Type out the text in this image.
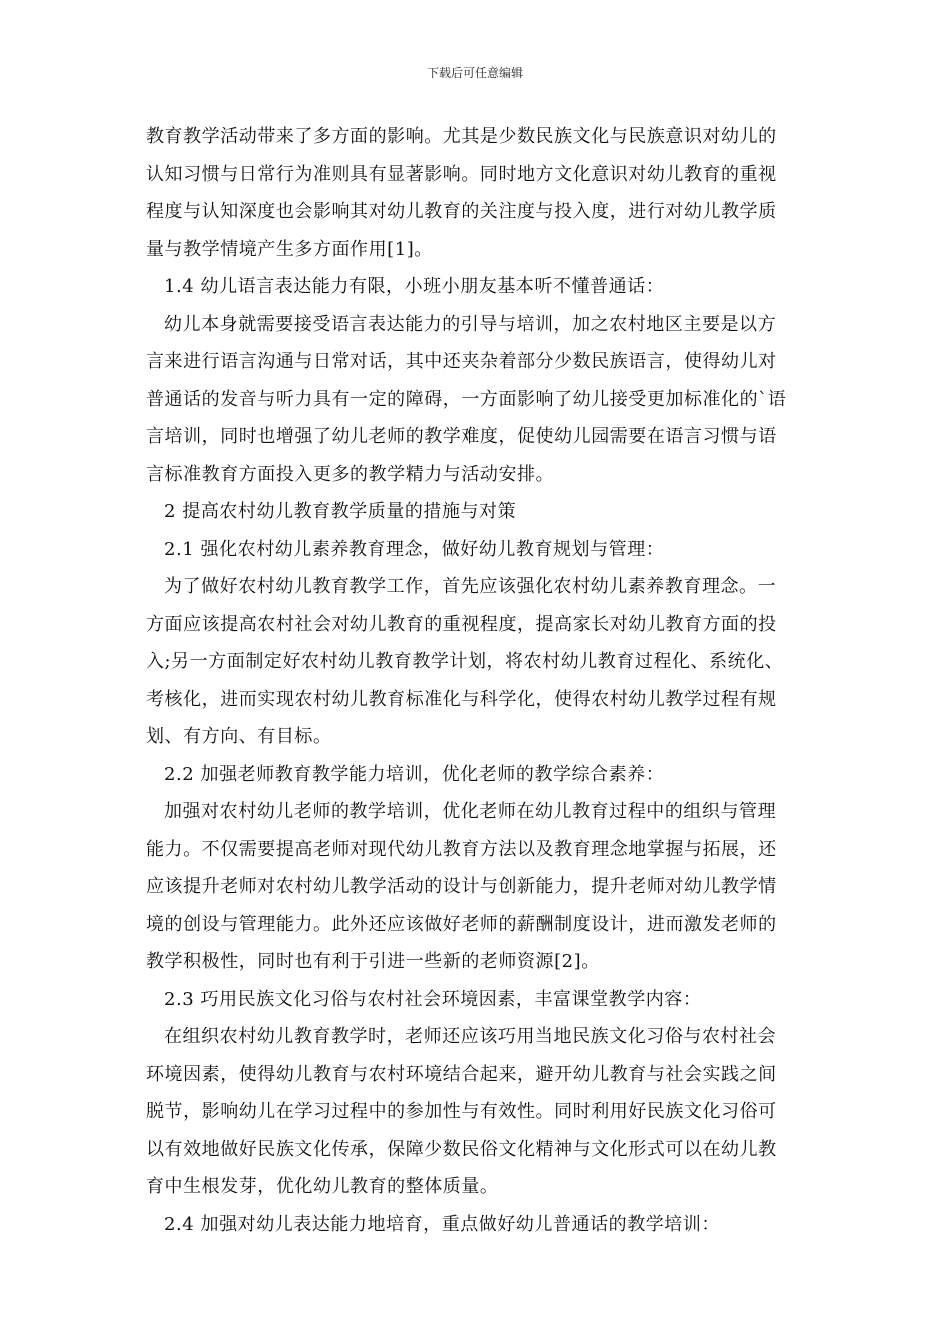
下载后可任意编辑
教育教学活动带来了多方面的影响。尤其是少数民族文化与民族意识对幼儿的
认知习惯与日常行为准则具有显著影响。同时地方文化意识对幼儿教育的重视
程度与认知深度也会影响其对幼儿教育的关注度与投入度，进行对幼儿教学质
量与教学情境产生多方面作用[1]。
1.4 幼儿语言表达能力有限，小班小朋友基本听不懂普通话：
幼儿本身就需要接受语言表达能力的引导与培训，加之农村地区主要是以方
言来进行语言沟通与日常对话，其中还夹杂着部分少数民族语言，使得幼儿对
普通话的发音与听力具有一定的障碍，一方面影响了幼儿接受更加标准化的`语
言培训，同时也增强了幼儿老师的教学难度，促使幼儿园需要在语言习惯与语
言标准教育方面投入更多的教学精力与活动安排。
2 提高农村幼儿教育教学质量的措施与对策
2.1 强化农村幼儿素养教育理念，做好幼儿教育规划与管理：
为了做好农村幼儿教育教学工作，首先应该强化农村幼儿素养教育理念。一
方面应该提高农村社会对幼儿教育的重视程度，提高家长对幼儿教育方面的投
入;另一方面制定好农村幼儿教育教学计划，将农村幼儿教育过程化、系统化、
考核化，进而实现农村幼儿教育标准化与科学化，使得农村幼儿教学过程有规
划、有方向、有目标。
2.2 加强老师教育教学能力培训，优化老师的教学综合素养：
加强对农村幼儿老师的教学培训，优化老师在幼儿教育过程中的组织与管理
能力。不仅需要提高老师对现代幼儿教育方法以及教育理念地掌握与拓展，还
应该提升老师对农村幼儿教学活动的设计与创新能力，提升老师对幼儿教学情
境的创设与管理能力。此外还应该做好老师的薪酬制度设计，进而激发老师的
教学积极性，同时也有利于引进一些新的老师资源[2]。
2.3 巧用民族文化习俗与农村社会环境因素，丰富课堂教学内容：
在组织农村幼儿教育教学时，老师还应该巧用当地民族文化习俗与农村社会
环境因素，使得幼儿教育与农村环境结合起来，避开幼儿教育与社会实践之间
脱节，影响幼儿在学习过程中的参加性与有效性。同时利用好民族文化习俗可
以有效地做好民族文化传承，保障少数民俗文化精神与文化形式可以在幼儿教
育中生根发芽，优化幼儿教育的整体质量。
2.4 加强对幼儿表达能力地培育，重点做好幼儿普通话的教学培训：
